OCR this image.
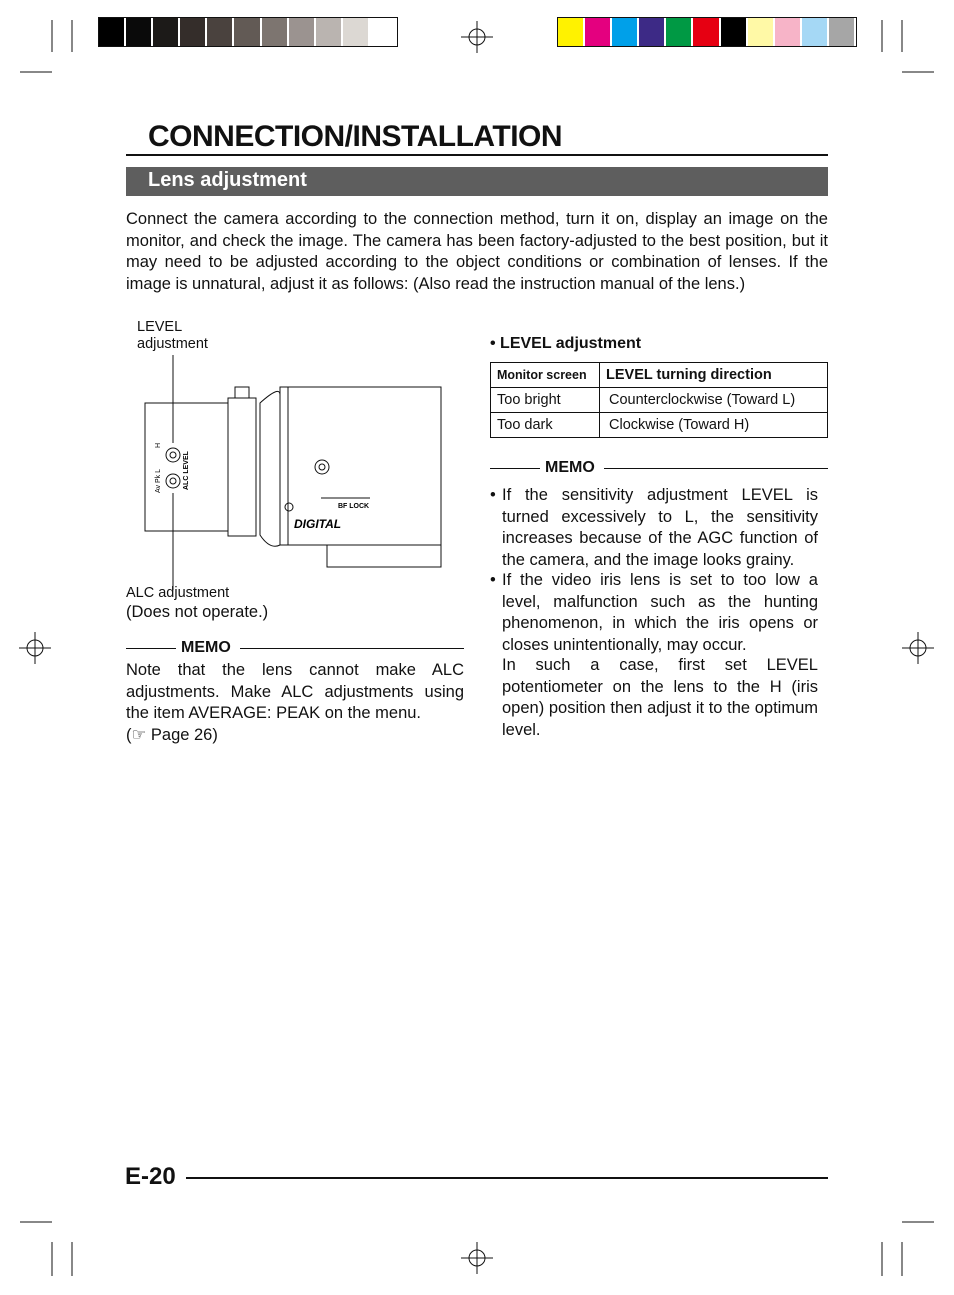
CONNECTION/INSTALLATION
Lens adjustment
Connect the camera according to the connection method, turn it on, display an image on the monitor, and check the image. The camera has been factory-adjusted to the best position, but it may need to be adjusted according to the object conditions or combination of lenses. If the image is unnatural, adjust it as follows: (Also read the instruction manual of the lens.)
LEVEL
adjustment
H
ALC LEVEL
Av Pk L
BF LOCK
DIGITAL
ALC adjustment
(Does not operate.)
MEMO
Note that the lens cannot make ALC adjustments. Make ALC adjustments using the item AVERAGE: PEAK on the menu.
(☞ Page 26)
• LEVEL adjustment
Monitor screen	LEVEL turning direction
Too bright	Counterclockwise (Toward L)
Too dark	Clockwise (Toward H)
MEMO
• If the sensitivity adjustment LEVEL is turned excessively to L, the sensitivity increases because of the AGC function of the camera, and the image looks grainy.
• If the video iris lens is set to too low a level, malfunction such as the hunting phenomenon, in which the iris opens or closes unintentionally, may occur.
In such a case, first set LEVEL potentiometer on the lens to the H (iris open) position then adjust it to the optimum level.
E-20
